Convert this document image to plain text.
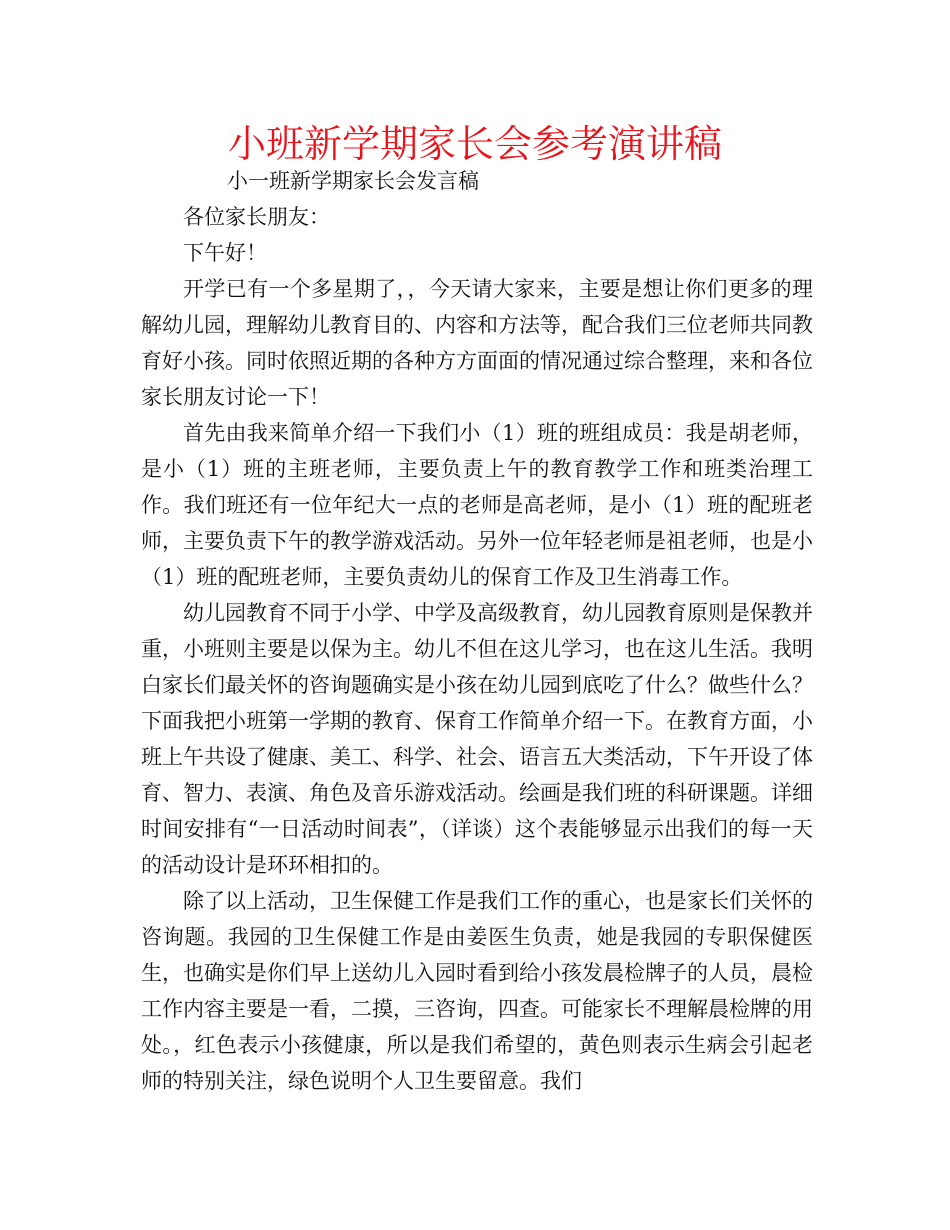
小班新学期家长会参考演讲稿
小一班新学期家长会发言稿

各位家长朋友：

下午好！

开学已有一个多星期了，，今天请大家来，主要是想让你们更多的理解幼儿园，理解幼儿教育目的、内容和方法等，配合我们三位老师共同教育好小孩。同时依照近期的各种方方面面的情况通过综合整理，来和各位家长朋友讨论一下！

首先由我来简单介绍一下我们小（1）班的班组成员：我是胡老师，是小（1）班的主班老师，主要负责上午的教育教学工作和班类治理工作。我们班还有一位年纪大一点的老师是高老师，是小（1）班的配班老师，主要负责下午的教学游戏活动。另外一位年轻老师是祖老师，也是小（1）班的配班老师，主要负责幼儿的保育工作及卫生消毒工作。

幼儿园教育不同于小学、中学及高级教育，幼儿园教育原则是保教并重，小班则主要是以保为主。幼儿不但在这儿学习，也在这儿生活。我明白家长们最关怀的咨询题确实是小孩在幼儿园到底吃了什么？做些什么？下面我把小班第一学期的教育、保育工作简单介绍一下。在教育方面，小班上午共设了健康、美工、科学、社会、语言五大类活动，下午开设了体育、智力、表演、角色及音乐游戏活动。绘画是我们班的科研课题。详细时间安排有“一日活动时间表”，（详谈）这个表能够显示出我们的每一天的活动设计是环环相扣的。

除了以上活动，卫生保健工作是我们工作的重心，也是家长们关怀的咨询题。我园的卫生保健工作是由姜医生负责，她是我园的专职保健医生，也确实是你们早上送幼儿入园时看到给小孩发晨检牌子的人员，晨检工作内容主要是一看，二摸，三咨询，四查。可能家长不理解晨检牌的用处。，红色表示小孩健康，所以是我们希望的，黄色则表示生病会引起老师的特别关注，绿色说明个人卫生要留意。我们
